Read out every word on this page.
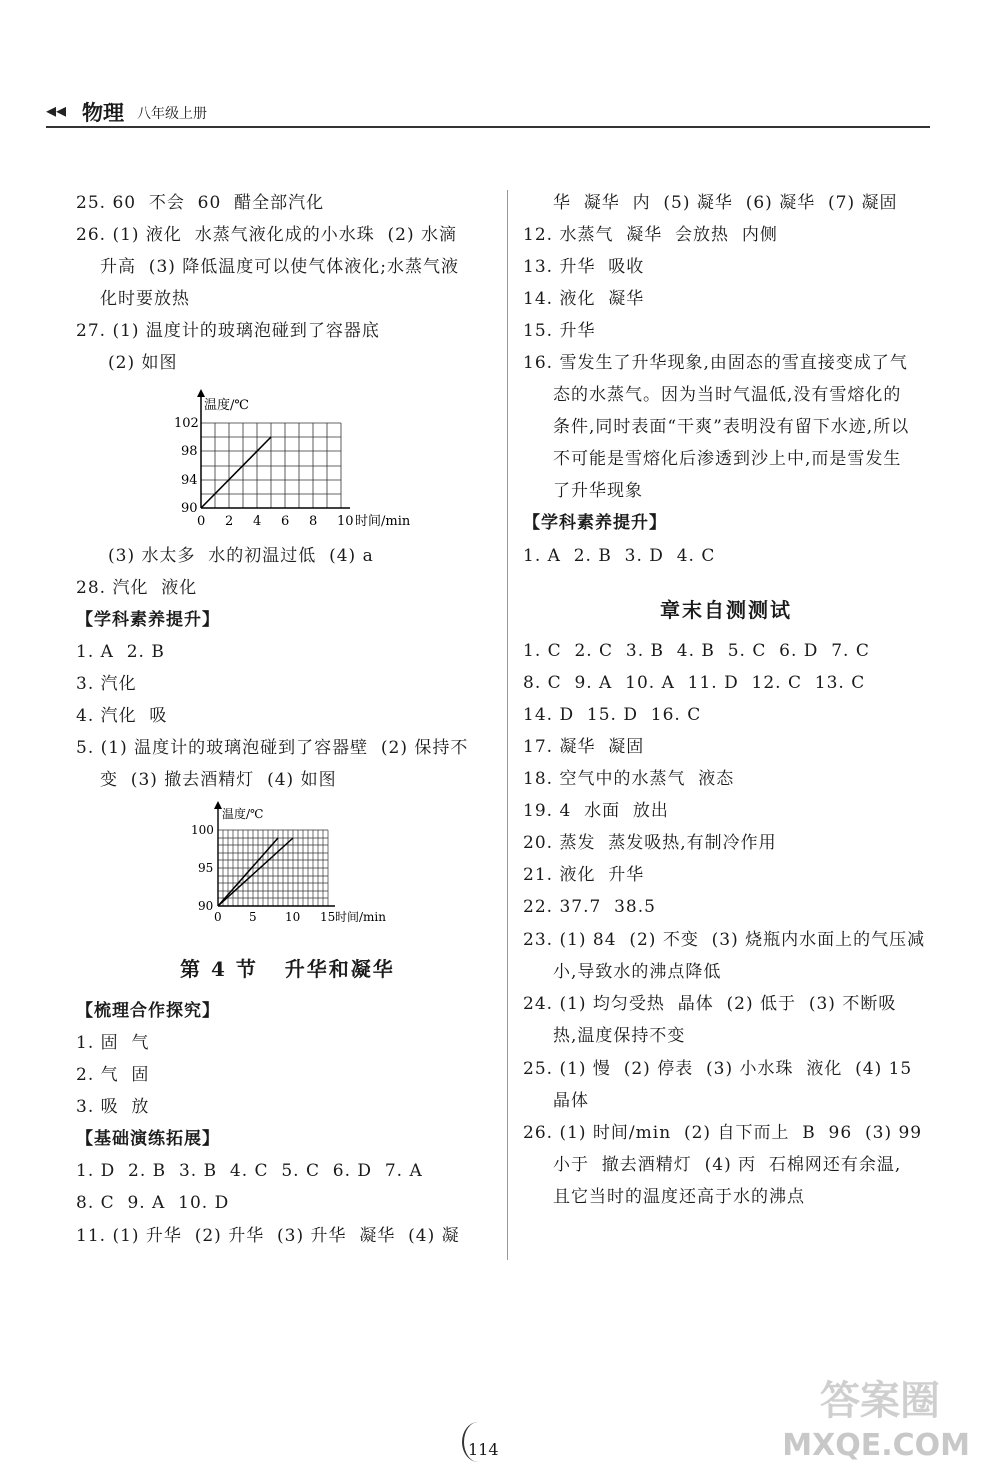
◂◂ 物理 八年级上册
25. 60  不会  60  醋全部汽化
26. (1) 液化  水蒸气液化成的小水珠  (2) 水滴
升高  (3) 降低温度可以使气体液化;水蒸气液
化时要放热
27. (1) 温度计的玻璃泡碰到了容器底
(2) 如图
温度/℃
90
94
98
102
0 2 4 6 8 10 时间/min
(3) 水太多  水的初温过低  (4) a
28. 汽化  液化
【学科素养提升】
1. A  2. B
3. 汽化
4. 汽化  吸
5. (1) 温度计的玻璃泡碰到了容器壁  (2) 保持不
变  (3) 撤去酒精灯  (4) 如图
温度/℃
90
95
100
0 5 10 15 时间/min
第 4 节   升华和凝华
【梳理合作探究】
1. 固  气
2. 气  固
3. 吸  放
【基础演练拓展】
1. D  2. B  3. B  4. C  5. C  6. D  7. A
8. C  9. A  10. D
11. (1) 升华  (2) 升华  (3) 升华  凝华  (4) 凝
华  凝华  内  (5) 凝华  (6) 凝华  (7) 凝固
12. 水蒸气  凝华  会放热  内侧
13. 升华  吸收
14. 液化  凝华
15. 升华
16. 雪发生了升华现象,由固态的雪直接变成了气
态的水蒸气。因为当时气温低,没有雪熔化的
条件,同时表面“干爽”表明没有留下水迹,所以
不可能是雪熔化后渗透到沙上中,而是雪发生
了升华现象
【学科素养提升】
1. A  2. B  3. D  4. C
章末自测测试
1. C  2. C  3. B  4. B  5. C  6. D  7. C
8. C  9. A  10. A  11. D  12. C  13. C
14. D  15. D  16. C
17. 凝华  凝固
18. 空气中的水蒸气  液态
19. 4  水面  放出
20. 蒸发  蒸发吸热,有制冷作用
21. 液化  升华
22. 37.7  38.5
23. (1) 84  (2) 不变  (3) 烧瓶内水面上的气压减
小,导致水的沸点降低
24. (1) 均匀受热  晶体  (2) 低于  (3) 不断吸
热,温度保持不变
25. (1) 慢  (2) 停表  (3) 小水珠  液化  (4) 15
晶体
26. (1) 时间/min  (2) 自下而上  B  96  (3) 99
小于  撤去酒精灯  (4) 丙  石棉网还有余温,
且它当时的温度还高于水的沸点
114
答案圈
MXQE.COM
